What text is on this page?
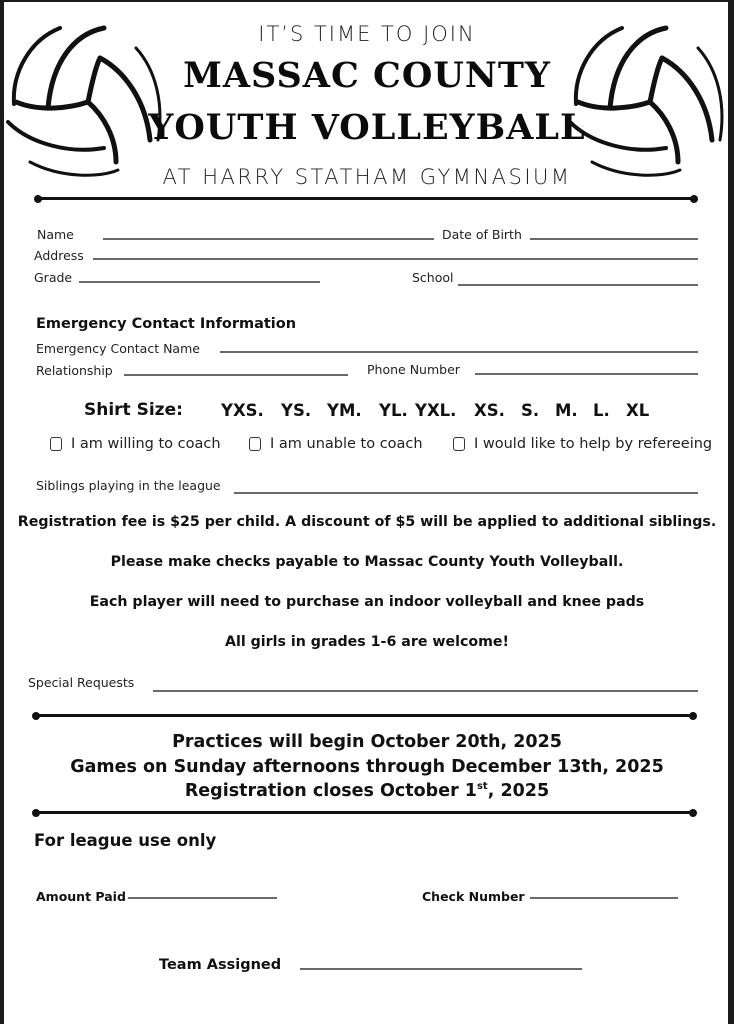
IT’S TIME TO JOIN
MASSAC COUNTY
YOUTH VOLLEYBALL
AT HARRY STATHAM GYMNASIUM
Name	Date of Birth
Address
Grade	School
Emergency Contact Information
Emergency Contact Name
Relationship	Phone Number
Shirt Size: YXS. YS. YM. YL. YXL. XS. S. M. L. XL
I am willing to coach	I am unable to coach	I would like to help by refereeing
Siblings playing in the league
Registration fee is $25 per child. A discount of $5 will be applied to additional siblings.
Please make checks payable to Massac County Youth Volleyball.
Each player will need to purchase an indoor volleyball and knee pads
All girls in grades 1-6 are welcome!
Special Requests
Practices will begin October 20th, 2025
Games on Sunday afternoons through December 13th, 2025
Registration closes October 1st, 2025
For league use only
Amount Paid	Check Number
Team Assigned
